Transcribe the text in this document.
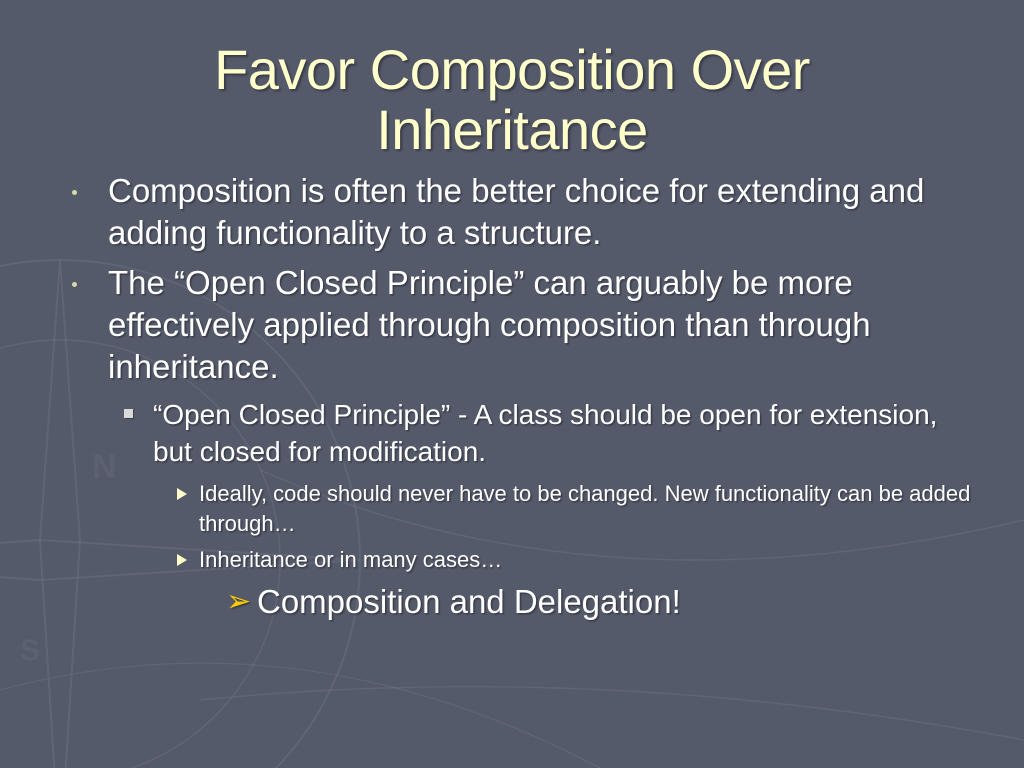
N
S
Favor Composition Over Inheritance
Composition is often the better choice for extending and adding functionality to a structure.
The “Open Closed Principle” can arguably be more effectively applied through composition than through inheritance.
“Open Closed Principle” - A class should be open for extension, but closed for modification.
Ideally, code should never have to be changed. New functionality can be added through…
Inheritance or in many cases…
➢ Composition and Delegation!
